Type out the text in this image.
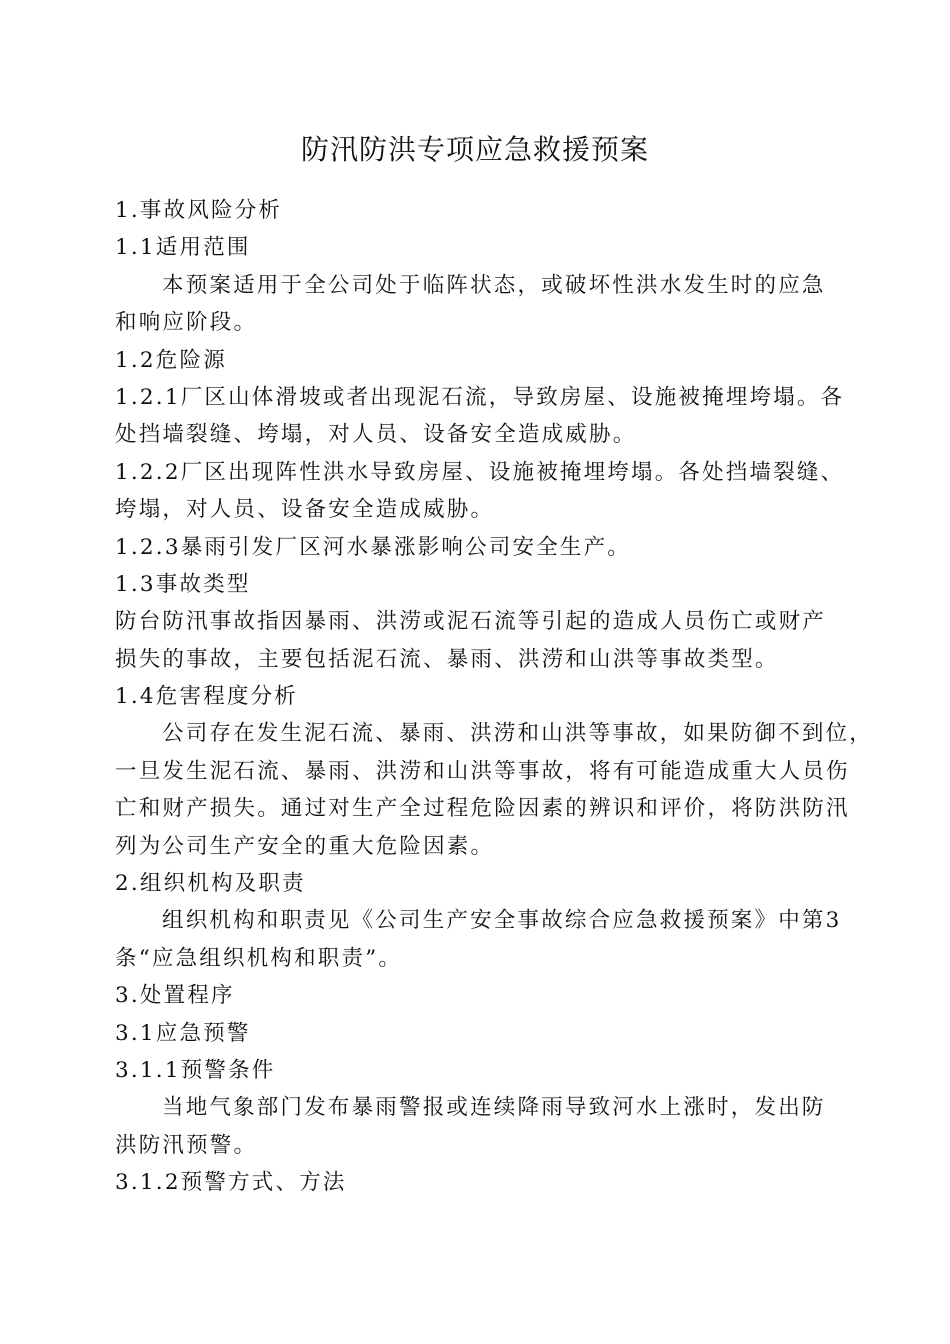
防汛防洪专项应急救援预案
1.事故风险分析
1.1适用范围
本预案适用于全公司处于临阵状态，或破坏性洪水发生时的应急
和响应阶段。
1.2危险源
1.2.1厂区山体滑坡或者出现泥石流，导致房屋、设施被掩埋垮塌。各
处挡墙裂缝、垮塌，对人员、设备安全造成威胁。
1.2.2厂区出现阵性洪水导致房屋、设施被掩埋垮塌。各处挡墙裂缝、
垮塌，对人员、设备安全造成威胁。
1.2.3暴雨引发厂区河水暴涨影响公司安全生产。
1.3事故类型
防台防汛事故指因暴雨、洪涝或泥石流等引起的造成人员伤亡或财产
损失的事故，主要包括泥石流、暴雨、洪涝和山洪等事故类型。
1.4危害程度分析
公司存在发生泥石流、暴雨、洪涝和山洪等事故，如果防御不到位，
一旦发生泥石流、暴雨、洪涝和山洪等事故，将有可能造成重大人员伤
亡和财产损失。通过对生产全过程危险因素的辨识和评价，将防洪防汛
列为公司生产安全的重大危险因素。
2.组织机构及职责
组织机构和职责见《公司生产安全事故综合应急救援预案》中第3
条“应急组织机构和职责”。
3.处置程序
3.1应急预警
3.1.1预警条件
当地气象部门发布暴雨警报或连续降雨导致河水上涨时，发出防
洪防汛预警。
3.1.2预警方式、方法
